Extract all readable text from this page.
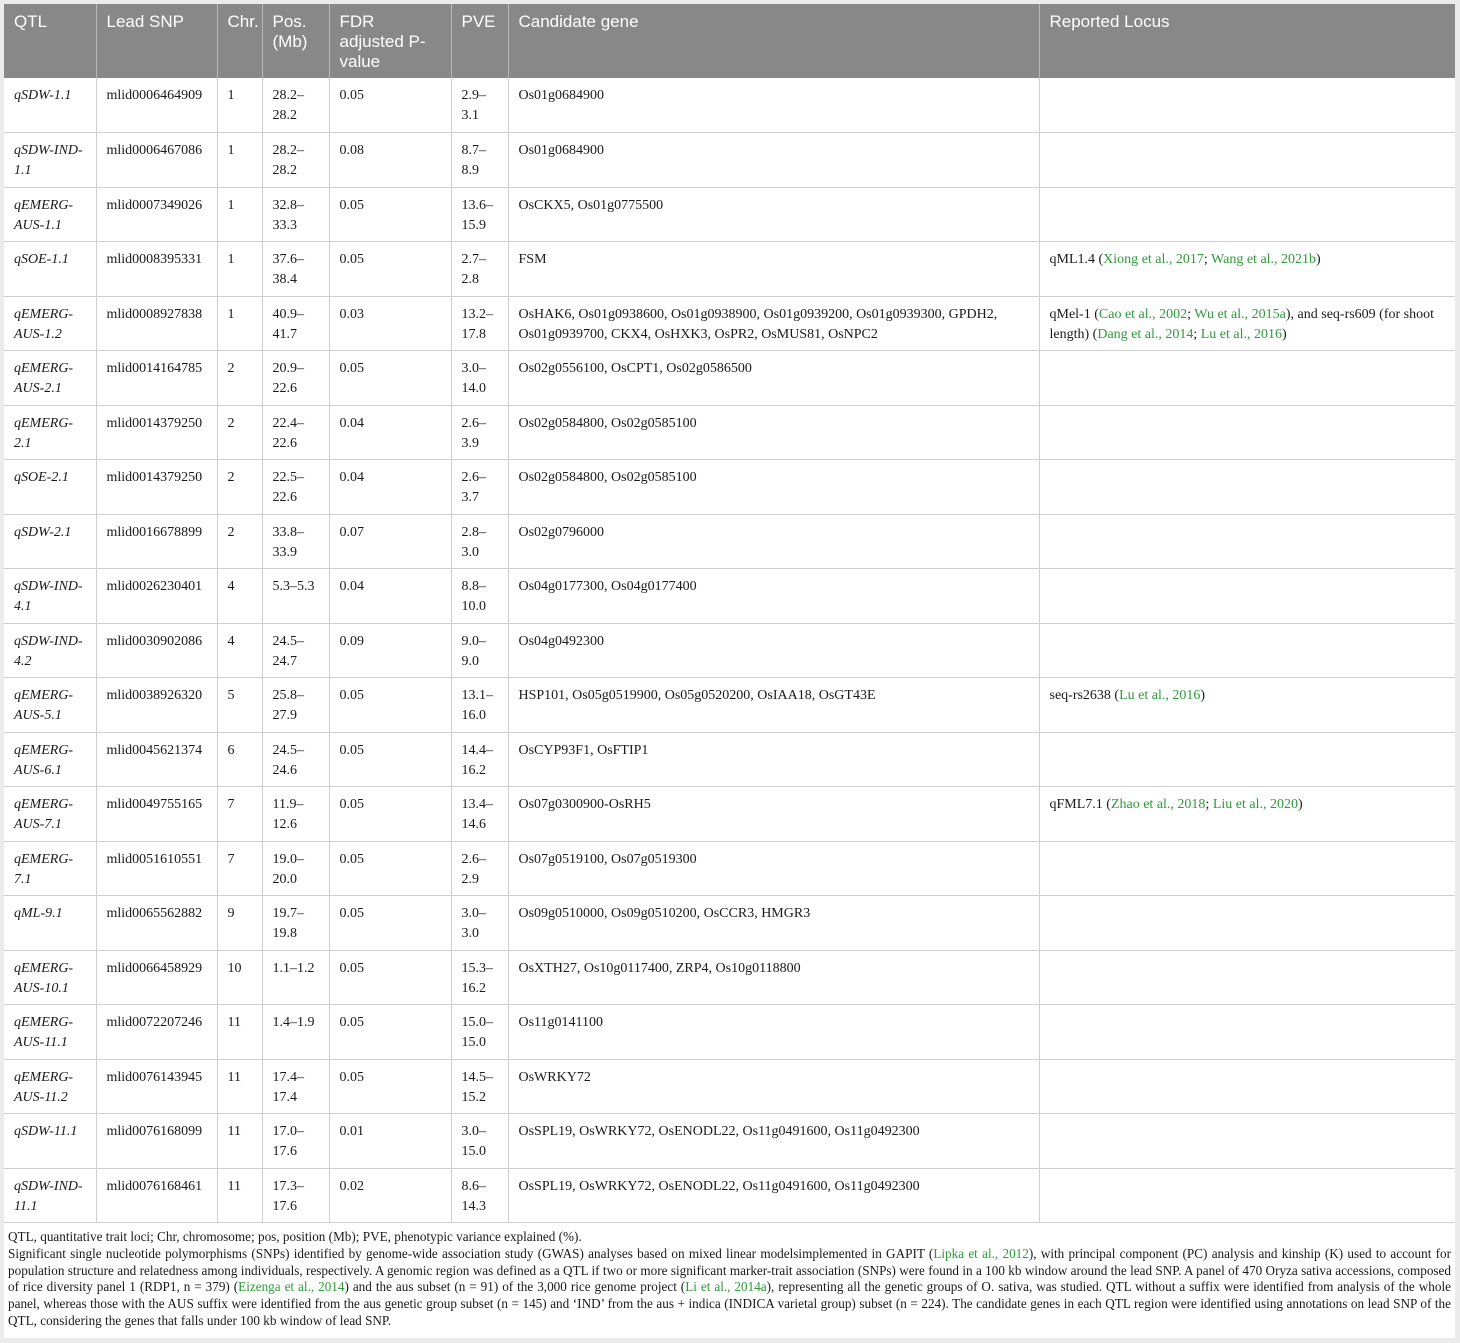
QTL	Lead SNP	Chr.	Pos. (Mb)	FDR adjusted P-value	PVE	Candidate gene	Reported Locus
qSDW-1.1	mlid0006464909	1	28.2–28.2	0.05	2.9–3.1	Os01g0684900	
qSDW-IND-1.1	mlid0006467086	1	28.2–28.2	0.08	8.7–8.9	Os01g0684900	
qEMERG-AUS-1.1	mlid0007349026	1	32.8–33.3	0.05	13.6–15.9	OsCKX5, Os01g0775500	
qSOE-1.1	mlid0008395331	1	37.6–38.4	0.05	2.7–2.8	FSM	qML1.4 (Xiong et al., 2017; Wang et al., 2021b)
qEMERG-AUS-1.2	mlid0008927838	1	40.9–41.7	0.03	13.2–17.8	OsHAK6, Os01g0938600, Os01g0938900, Os01g0939200, Os01g0939300, GPDH2, Os01g0939700, CKX4, OsHXK3, OsPR2, OsMUS81, OsNPC2	qMel-1 (Cao et al., 2002; Wu et al., 2015a), and seq-rs609 (for shoot length) (Dang et al., 2014; Lu et al., 2016)
qEMERG-AUS-2.1	mlid0014164785	2	20.9–22.6	0.05	3.0–14.0	Os02g0556100, OsCPT1, Os02g0586500	
qEMERG-2.1	mlid0014379250	2	22.4–22.6	0.04	2.6–3.9	Os02g0584800, Os02g0585100	
qSOE-2.1	mlid0014379250	2	22.5–22.6	0.04	2.6–3.7	Os02g0584800, Os02g0585100	
qSDW-2.1	mlid0016678899	2	33.8–33.9	0.07	2.8–3.0	Os02g0796000	
qSDW-IND-4.1	mlid0026230401	4	5.3–5.3	0.04	8.8–10.0	Os04g0177300, Os04g0177400	
qSDW-IND-4.2	mlid0030902086	4	24.5–24.7	0.09	9.0–9.0	Os04g0492300	
qEMERG-AUS-5.1	mlid0038926320	5	25.8–27.9	0.05	13.1–16.0	HSP101, Os05g0519900, Os05g0520200, OsIAA18, OsGT43E	seq-rs2638 (Lu et al., 2016)
qEMERG-AUS-6.1	mlid0045621374	6	24.5–24.6	0.05	14.4–16.2	OsCYP93F1, OsFTIP1	
qEMERG-AUS-7.1	mlid0049755165	7	11.9–12.6	0.05	13.4–14.6	Os07g0300900-OsRH5	qFML7.1 (Zhao et al., 2018; Liu et al., 2020)
qEMERG-7.1	mlid0051610551	7	19.0–20.0	0.05	2.6–2.9	Os07g0519100, Os07g0519300	
qML-9.1	mlid0065562882	9	19.7–19.8	0.05	3.0–3.0	Os09g0510000, Os09g0510200, OsCCR3, HMGR3	
qEMERG-AUS-10.1	mlid0066458929	10	1.1–1.2	0.05	15.3–16.2	OsXTH27, Os10g0117400, ZRP4, Os10g0118800	
qEMERG-AUS-11.1	mlid0072207246	11	1.4–1.9	0.05	15.0–15.0	Os11g0141100	
qEMERG-AUS-11.2	mlid0076143945	11	17.4–17.4	0.05	14.5–15.2	OsWRKY72	
qSDW-11.1	mlid0076168099	11	17.0–17.6	0.01	3.0–15.0	OsSPL19, OsWRKY72, OsENODL22, Os11g0491600, Os11g0492300	
qSDW-IND-11.1	mlid0076168461	11	17.3–17.6	0.02	8.6–14.3	OsSPL19, OsWRKY72, OsENODL22, Os11g0491600, Os11g0492300	

QTL, quantitative trait loci; Chr, chromosome; pos, position (Mb); PVE, phenotypic variance explained (%).

Significant single nucleotide polymorphisms (SNPs) identified by genome-wide association study (GWAS) analyses based on mixed linear modelsimplemented in GAPIT (Lipka et al., 2012), with principal component (PC) analysis and kinship (K) used to account for population structure and relatedness among individuals, respectively. A genomic region was defined as a QTL if two or more significant marker-trait association (SNPs) were found in a 100 kb window around the lead SNP. A panel of 470 Oryza sativa accessions, composed of rice diversity panel 1 (RDP1, n = 379) (Eizenga et al., 2014) and the aus subset (n = 91) of the 3,000 rice genome project (Li et al., 2014a), representing all the genetic groups of O. sativa, was studied. QTL without a suffix were identified from analysis of the whole panel, whereas those with the AUS suffix were identified from the aus genetic group subset (n = 145) and ‘IND’ from the aus + indica (INDICA varietal group) subset (n = 224). The candidate genes in each QTL region were identified using annotations on lead SNP of the QTL, considering the genes that falls under 100 kb window of lead SNP.
